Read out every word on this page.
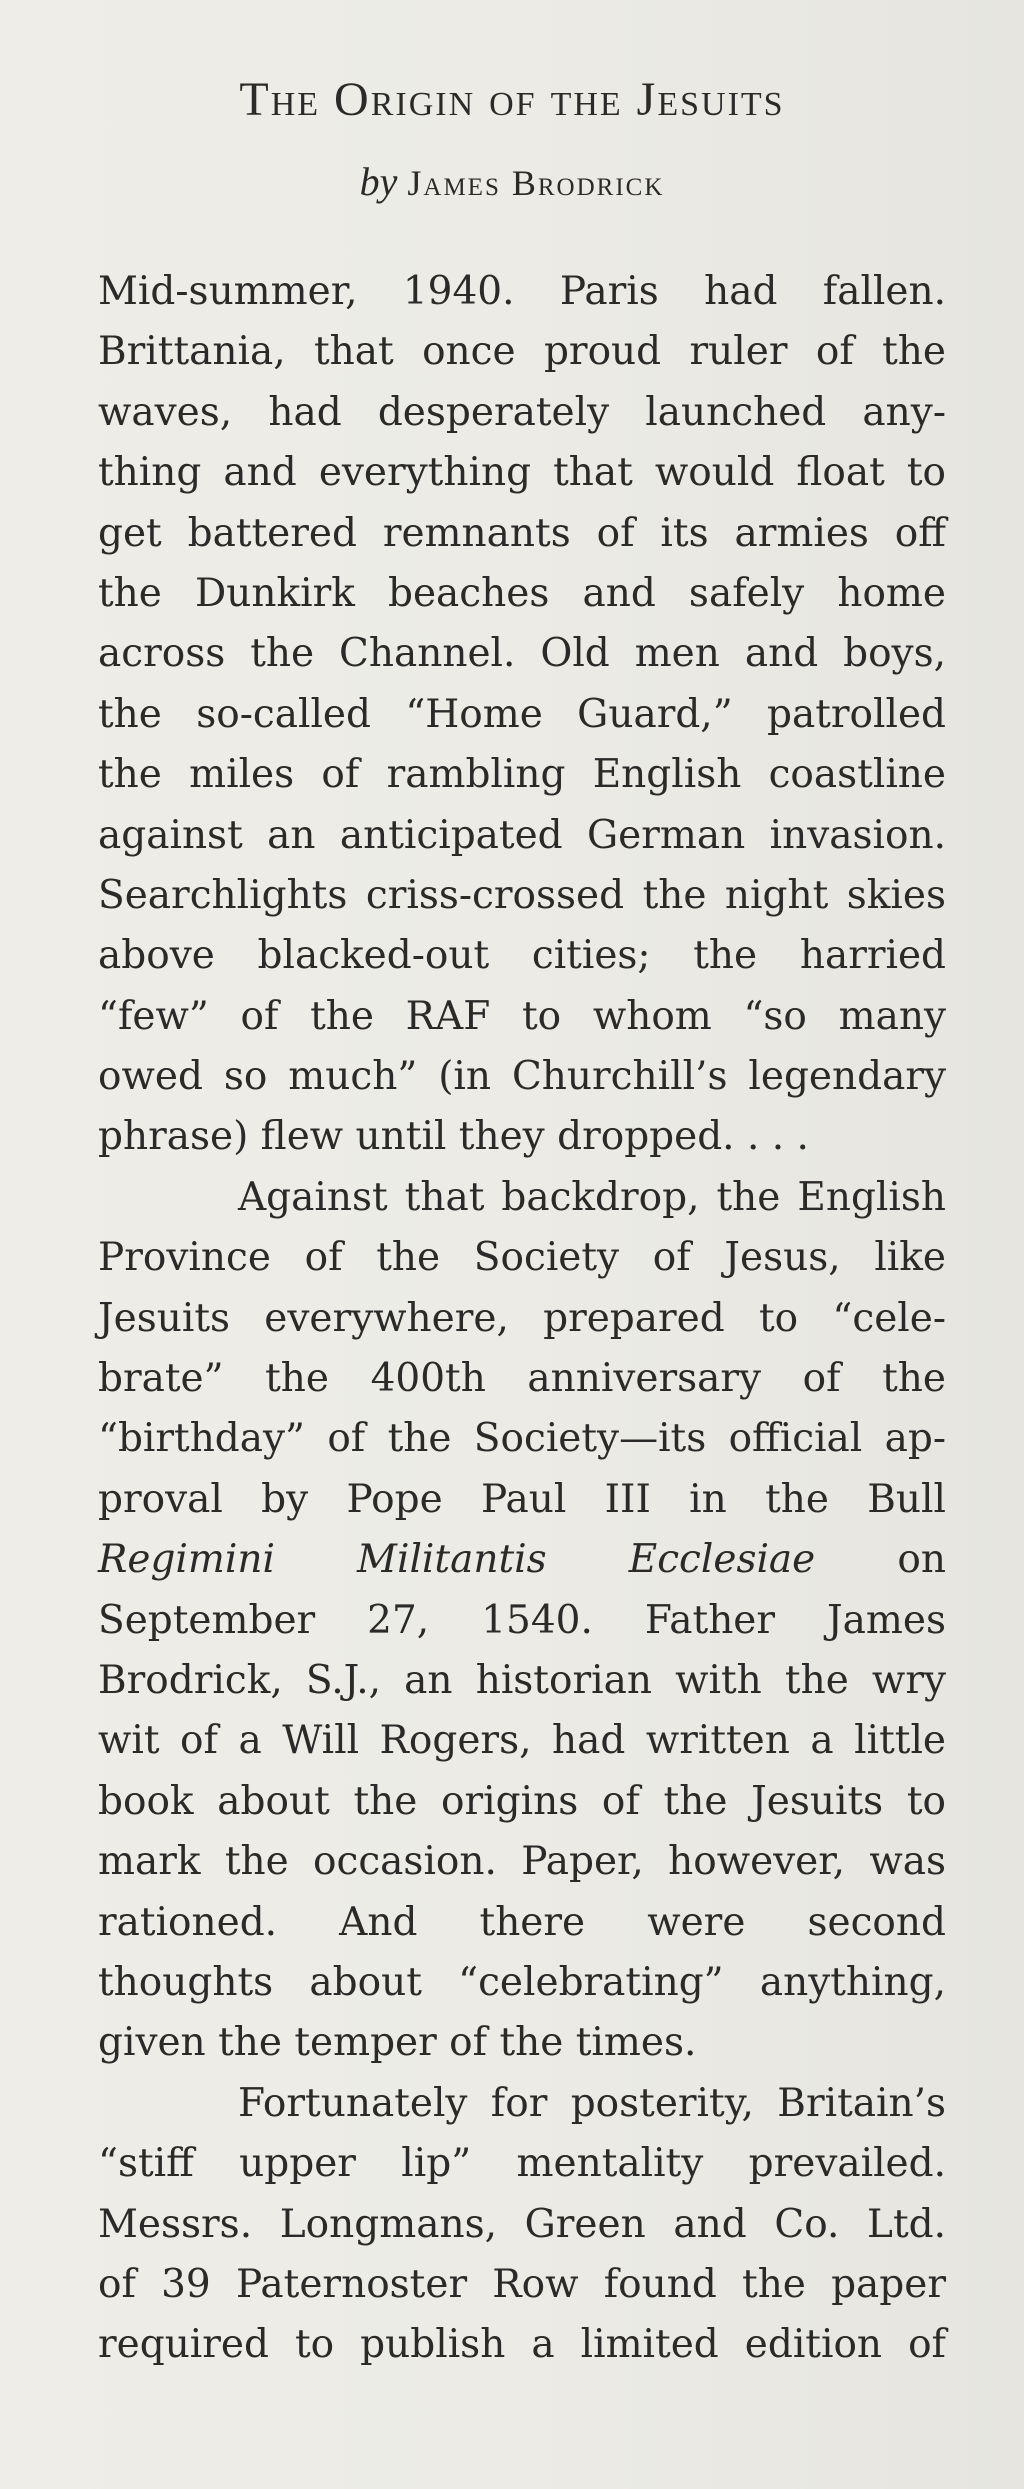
The Origin of the Jesuits

by James Brodrick

Mid-summer, 1940. Paris had fallen.
Brittania, that once proud ruler of the
waves, had desperately launched any-
thing and everything that would float to
get battered remnants of its armies off
the Dunkirk beaches and safely home
across the Channel. Old men and boys,
the so-called “Home Guard,” patrolled
the miles of rambling English coastline
against an anticipated German invasion.
Searchlights criss-crossed the night skies
above blacked-out cities; the harried
“few” of the RAF to whom “so many
owed so much” (in Churchill’s legendary
phrase) flew until they dropped. . . .
Against that backdrop, the English
Province of the Society of Jesus, like
Jesuits everywhere, prepared to “cele-
brate” the 400th anniversary of the
“birthday” of the Society—its official ap-
proval by Pope Paul III in the Bull
Regimini Militantis Ecclesiae on
September 27, 1540. Father James
Brodrick, S.J., an historian with the wry
wit of a Will Rogers, had written a little
book about the origins of the Jesuits to
mark the occasion. Paper, however, was
rationed. And there were second
thoughts about “celebrating” anything,
given the temper of the times.
Fortunately for posterity, Britain’s
“stiff upper lip” mentality prevailed.
Messrs. Longmans, Green and Co. Ltd.
of 39 Paternoster Row found the paper
required to publish a limited edition of
